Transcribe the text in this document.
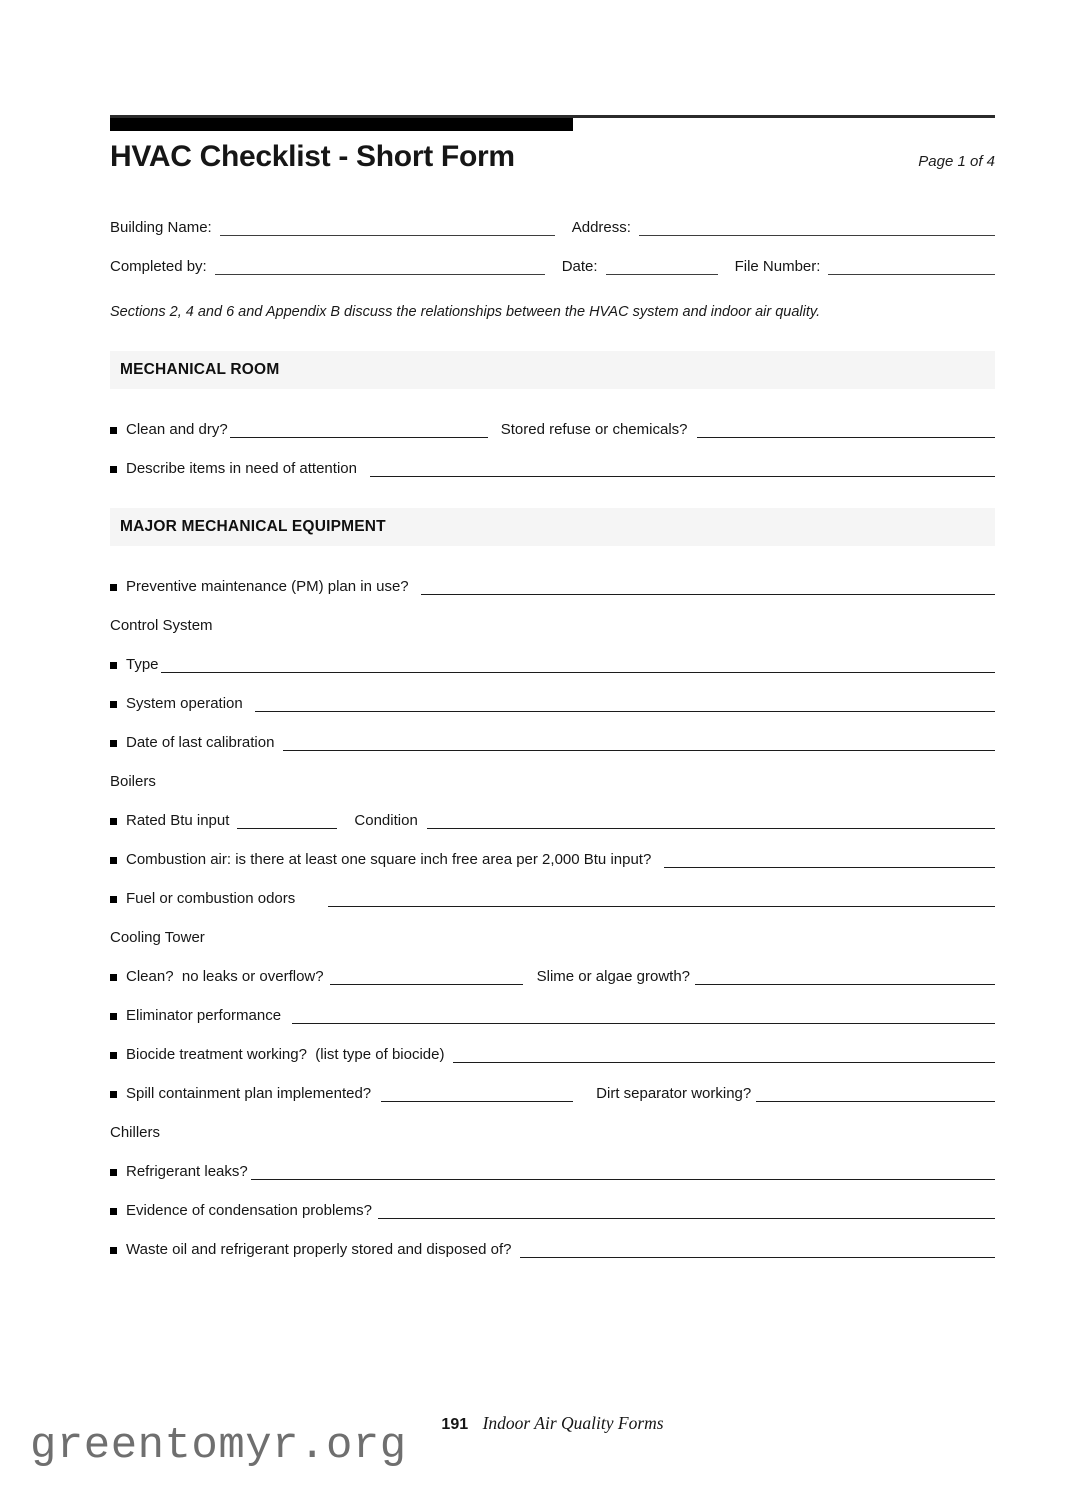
HVAC Checklist - Short Form	Page 1 of 4
Building Name:	Address:
Completed by:	Date:	File Number:

Sections 2, 4 and 6 and Appendix B discuss the relationships between the HVAC system and indoor air quality.

MECHANICAL ROOM
Clean and dry?	Stored refuse or chemicals?
Describe items in need of attention
MAJOR MECHANICAL EQUIPMENT
Preventive maintenance (PM) plan in use?
Control System
Type
System operation
Date of last calibration
Boilers
Rated Btu input	Condition
Combustion air: is there at least one square inch free area per 2,000 Btu input?
Fuel or combustion odors
Cooling Tower
Clean?  no leaks or overflow?	Slime or algae growth?
Eliminator performance
Biocide treatment working?  (list type of biocide)
Spill containment plan implemented?	Dirt separator working?
Chillers
Refrigerant leaks?
Evidence of condensation problems?
Waste oil and refrigerant properly stored and disposed of?
191 Indoor Air Quality Forms
greentomyr.org
